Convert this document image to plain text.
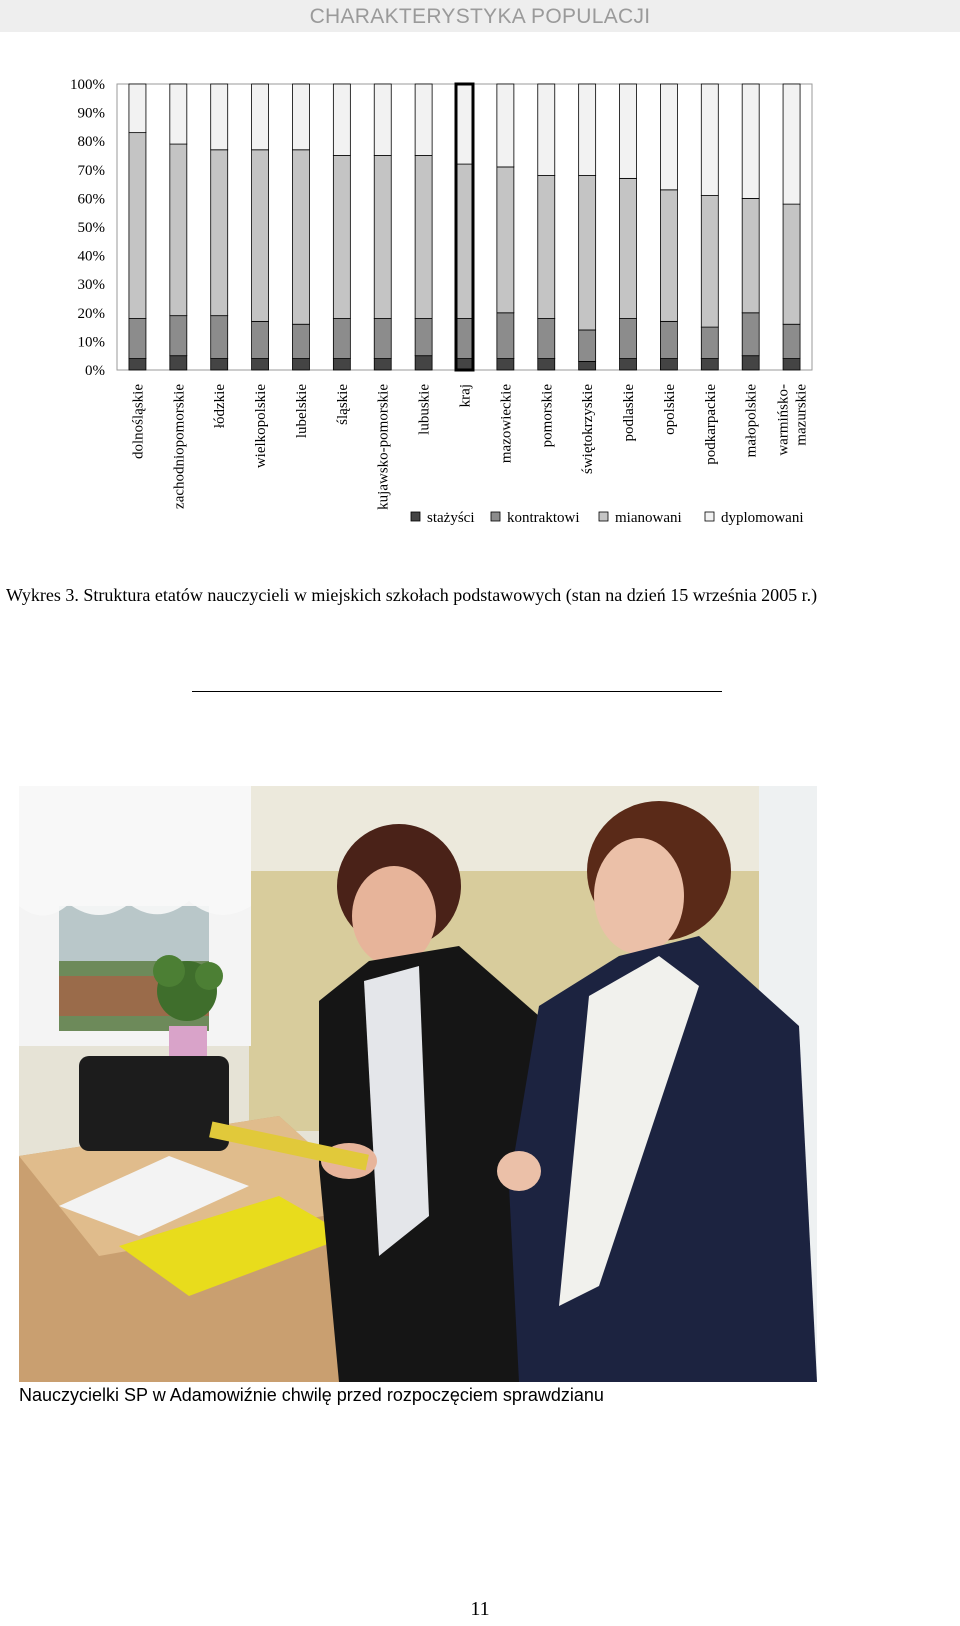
CHARAKTERYSTYKA POPULACJI
0%
10%
20%
30%
40%
50%
60%
70%
80%
90%
100%
dolnośląskie zachodniopomorskie łódzkie wielkopolskie lubelskie śląskie kujawsko-pomorskie lubuskie kraj mazowieckie pomorskie świętokrzyskie podlaskie opolskie podkarpackie małopolskie warmińsko- mazurskie
stażyści kontraktowi mianowani	dyplomowani
Wykres 3. Struktura etatów nauczycieli w miejskich szkołach podstawowych (stan na dzień 15 września 2005 r.)
Nauczycielki SP w Adamowiźnie chwilę przed rozpoczęciem sprawdzianu
11
